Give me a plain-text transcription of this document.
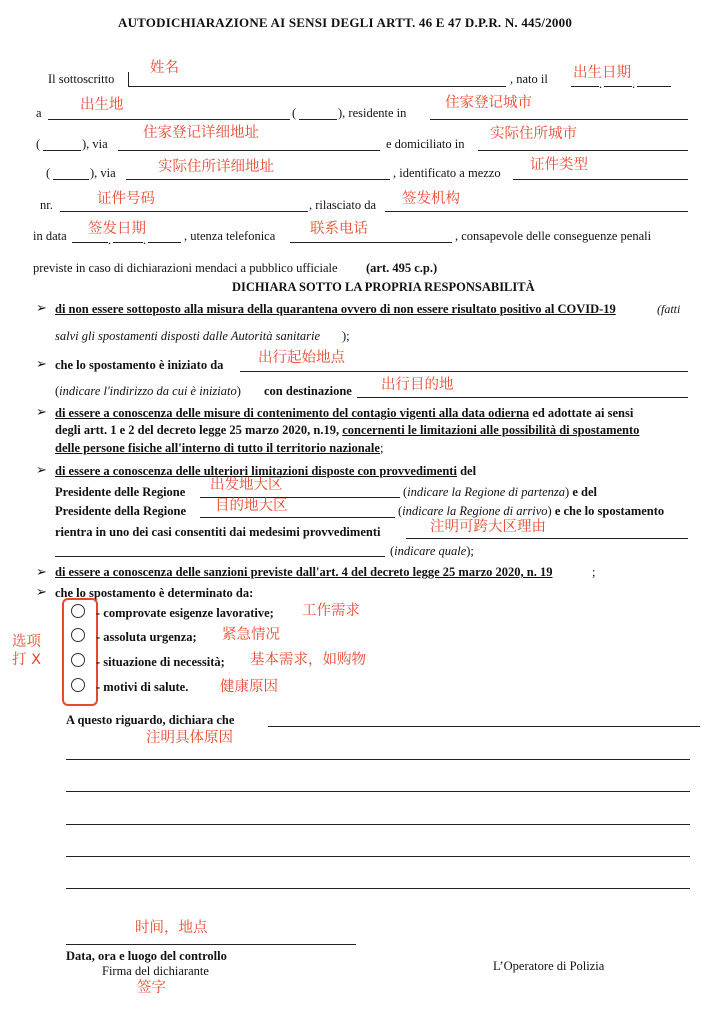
AUTODICHIARAZIONE AI SENSI DEGLI ARTT. 46 E 47 D.P.R. N. 445/2000
Il sottoscritto	, nato il	. .
姓名	出生日期
a	(	), residente in
出生地	住家登记城市
(	), via	e domiciliato in
住家登记详细地址	实际住所城市
(	), via	, identificato a mezzo
实际住所详细地址	证件类型
nr.	, rilasciato da
证件号码	签发机构
in data	.	.	, utenza telefonica	, consapevole delle conseguenze penali
签发日期	联系电话
previste in caso di dichiarazioni mendaci a pubblico ufficiale (art. 495 c.p.)
DICHIARA SOTTO LA PROPRIA RESPONSABILITÀ
➢ di non essere sottoposto alla misura della quarantena ovvero di non essere risultato positivo al COVID-19	(fatti
salvi gli spostamenti disposti dalle Autorità sanitarie );
➢ che lo spostamento è iniziato da 出行起始地点
(indicare l'indirizzo da cui è iniziato) con destinazione 出行目的地
➢ di essere a conoscenza delle misure di contenimento del contagio vigenti alla data odierna ed adottate ai sensi
degli artt. 1 e 2 del decreto legge 25 marzo 2020, n.19, concernenti le limitazioni alle possibilità di spostamento
delle persone fisiche all'interno di tutto il territorio nazionale;
➢ di essere a conoscenza delle ulteriori limitazioni disposte con provvedimenti del
Presidente delle Regione	(indicare la Regione di partenza) e del
出发地大区
Presidente della Regione	(indicare la Regione di arrivo) e che lo spostamento
目的地大区
rientra in uno dei casi consentiti dai medesimi provvedimenti	注明可跨大区理由
(indicare quale);
➢ di essere a conoscenza delle sanzioni previste dall'art. 4 del decreto legge 25 marzo 2020, n. 19	;
➢ che lo spostamento è determinato da:
选项
打 X
- comprovate esigenze lavorative; 工作需求
- assoluta urgenza; 紧急情况
- situazione di necessità; 基本需求，如购物
- motivi di salute. 健康原因
A questo riguardo, dichiara che
注明具体原因
时间，地点
Data, ora e luogo del controllo
Firma del dichiarante
签字
L’Operatore di Polizia
